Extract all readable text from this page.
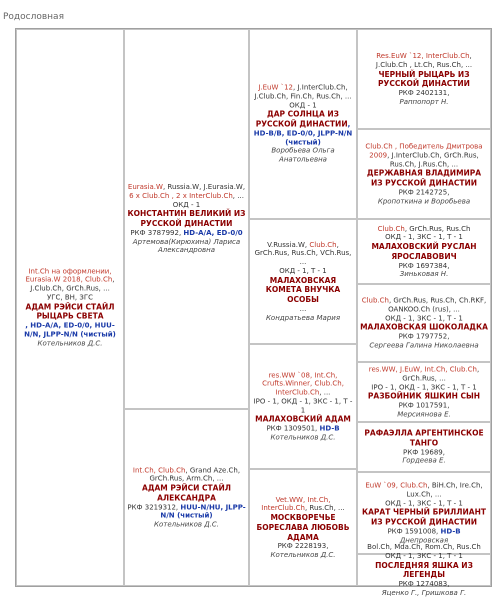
Родословная
Int.Ch на оформлении, Eurasia.W 2018, Club.Ch, J.Club.Ch, GrCh.Rus, ...
УГС, ВН, ЗГС
АДАМ РЭЙСИ СТАЙЛ РЫЦАРЬ СВЕТА
, HD-A/A, ED-0/0, HUU-N/N, JLPP-N/N (чистый)
Котельников Д.С.
Eurasia.W, Russia.W, J.Eurasia.W, 6 x Club.Ch , 2 x InterClub.Ch, ...
ОКД - 1
КОНСТАНТИН ВЕЛИКИЙ ИЗ РУССКОЙ ДИНАСТИИ
РКФ 3787992, HD-A/A, ED-0/0
Артемова(Кирюхина) Лариса Александровна
Int.Ch, Club.Ch, Grand Aze.Ch, GrCh.Rus, Arm.Ch, ...
АДАМ РЭЙСИ СТАЙЛ АЛЕКСАНДРА
РКФ 3219312, HUU-N/HU, JLPP-N/N (чистый)
Котельников Д.С.
J.EuW `12, J.InterClub.Ch, J.Club.Ch, Fin.Ch, Rus.Ch, ...
ОКД - 1
ДАР СОЛНЦА ИЗ РУССКОЙ ДИНАСТИИ, HD-B/B, ED-0/0, JLPP-N/N (чистый)
Воробьева Ольга Анатольевна
V.Russia.W, Club.Ch, GrCh.Rus, Rus.Ch, VCh.Rus, ...
ОКД - 1, Т - 1
МАЛАХОВСКАЯ КОМЕТА ВНУЧКА ОСОБЫ
...
Кондратьева Мария
res.WW `08, Int.Ch, Crufts.Winner, Club.Ch, InterClub.Ch, ...
IPO - 1, ОКД - 1, ЗКС - 1, Т - 1
МАЛАХОВСКИЙ АДАМ
РКФ 1309501, HD-B
Котельников Д.С.
Vet.WW, Int.Ch, InterClub.Ch, Rus.Ch, ...
МОСКВОРЕЧЬЕ БОРЕСЛАВА ЛЮБОВЬ АДАМА
РКФ 2228193,
Котельников Д.С.
Res.EuW `12, InterClub.Ch, J.Club.Ch , Lt.Ch, Rus.Ch, ...
ЧЕРНЫЙ РЫЦАРЬ ИЗ РУССКОЙ ДИНАСТИИ
РКФ 2402131,
Раппопорт Н.
Club.Ch , Победитель Дмитрова 2009, J.InterClub.Ch, GrCh.Rus, Rus.Ch, J.Rus.Ch, ...
ДЕРЖАВНАЯ ВЛАДИМИРА ИЗ РУССКОЙ ДИНАСТИИ
РКФ 2142725,
Кропоткина и Воробьева
Club.Ch, GrCh.Rus, Rus.Ch
ОКД - 1, ЗКС - 1, Т - 1
МАЛАХОВСКИЙ РУСЛАН ЯРОСЛАВОВИЧ
РКФ 1697384,
Зиньковая Н.
Club.Ch, GrCh.Rus, Rus.Ch, Ch.RKF, OANKOO.Ch (rus), ...
ОКД - 1, ЗКС - 1, Т - 1
МАЛАХОВСКАЯ ШОКОЛАДКА
РКФ 1797752,
Сергеева Галина Николаевна
res.WW, J.EuW, Int.Ch, Club.Ch, GrCh.Rus, ...
IPO - 1, ОКД - 1, ЗКС - 1, Т - 1
РАЗБОЙНИК ЯШКИН СЫН
РКФ 1017591,
Мерсиянова Е.
РАФАЭЛЛА АРГЕНТИНСКОЕ ТАНГО
РКФ 19689,
Гордеева Е.
EuW `09, Club.Ch, BiH.Ch, Ire.Ch, Lux.Ch, ...
ОКД - 1, ЗКС - 1, Т - 1
КАРАТ ЧЕРНЫЙ БРИЛЛИАНТ ИЗ РУССКОЙ ДИНАСТИИ
РКФ 1591008, HD-B
Днепровская
Bol.Ch, Mda.Ch, Rom.Ch, Rus.Ch
ОКД - 1, ЗКС - 1, Т - 1
ПОСЛЕДНЯЯ ЯШКА ИЗ ЛЕГЕНДЫ
РКФ 1274083,
Яценко Г., Гришкова Г.
